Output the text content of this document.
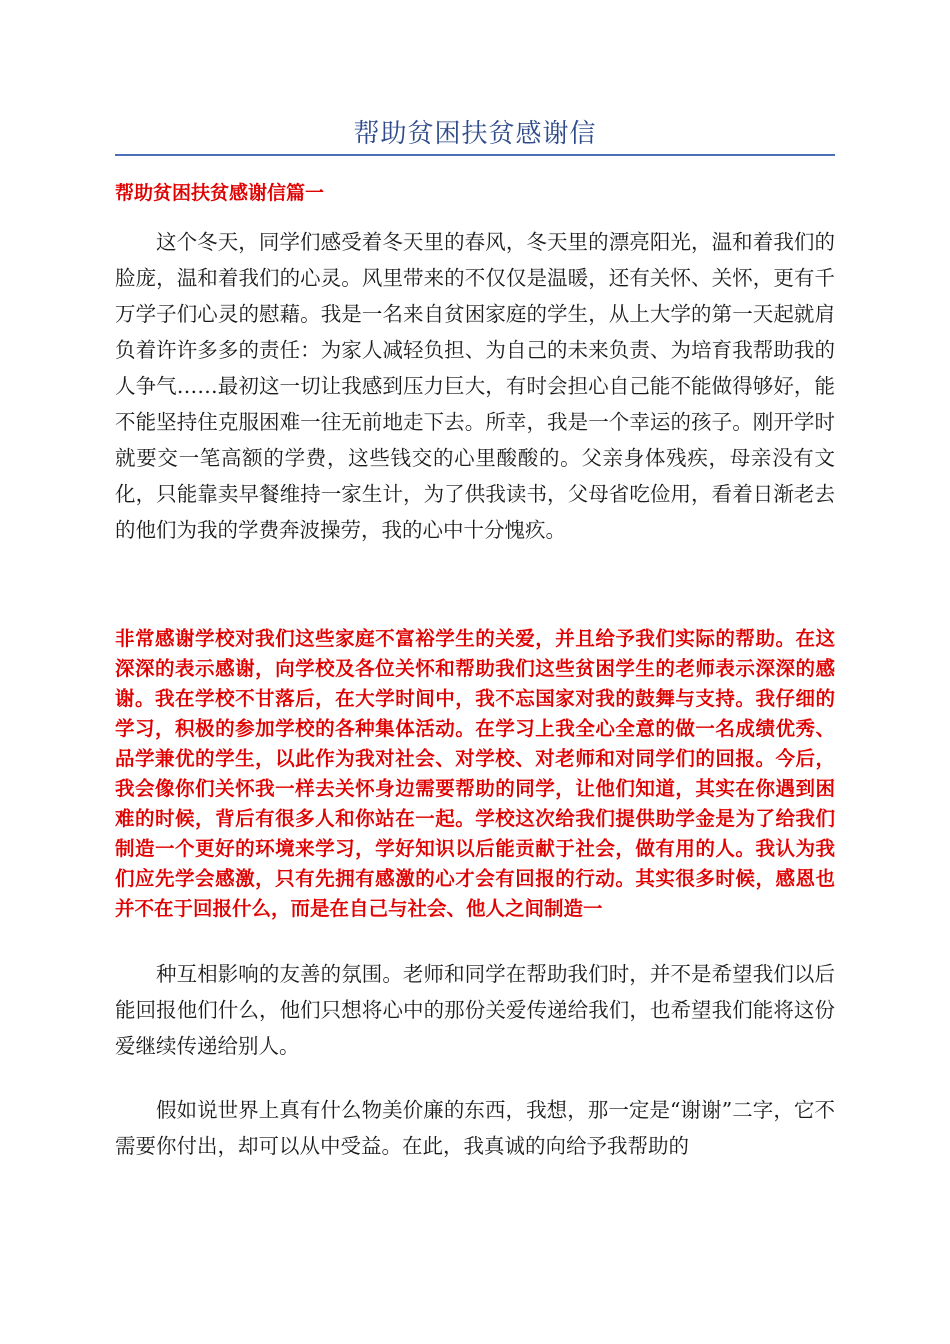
帮助贫困扶贫感谢信
帮助贫困扶贫感谢信篇一

这个冬天，同学们感受着冬天里的春风，冬天里的漂亮阳光，温和着我们的脸庞，温和着我们的心灵。风里带来的不仅仅是温暖，还有关怀、关怀，更有千万学子们心灵的慰藉。我是一名来自贫困家庭的学生，从上大学的第一天起就肩负着许许多多的责任：为家人减轻负担、为自己的未来负责、为培育我帮助我的人争气……最初这一切让我感到压力巨大，有时会担心自己能不能做得够好，能不能坚持住克服困难一往无前地走下去。所幸，我是一个幸运的孩子。刚开学时就要交一笔高额的学费，这些钱交的心里酸酸的。父亲身体残疾，母亲没有文化，只能靠卖早餐维持一家生计，为了供我读书，父母省吃俭用，看着日渐老去的他们为我的学费奔波操劳，我的心中十分愧疚。

非常感谢学校对我们这些家庭不富裕学生的关爱，并且给予我们实际的帮助。在这深深的表示感谢，向学校及各位关怀和帮助我们这些贫困学生的老师表示深深的感谢。我在学校不甘落后，在大学时间中，我不忘国家对我的鼓舞与支持。我仔细的学习，积极的参加学校的各种集体活动。在学习上我全心全意的做一名成绩优秀、品学兼优的学生，以此作为我对社会、对学校、对老师和对同学们的回报。今后，我会像你们关怀我一样去关怀身边需要帮助的同学，让他们知道，其实在你遇到困难的时候，背后有很多人和你站在一起。学校这次给我们提供助学金是为了给我们制造一个更好的环境来学习，学好知识以后能贡献于社会，做有用的人。我认为我们应先学会感激，只有先拥有感激的心才会有回报的行动。其实很多时候，感恩也并不在于回报什么，而是在自己与社会、他人之间制造一

种互相影响的友善的氛围。老师和同学在帮助我们时，并不是希望我们以后能回报他们什么，他们只想将心中的那份关爱传递给我们，也希望我们能将这份爱继续传递给别人。

假如说世界上真有什么物美价廉的东西，我想，那一定是“谢谢”二字，它不需要你付出，却可以从中受益。在此，我真诚的向给予我帮助的
